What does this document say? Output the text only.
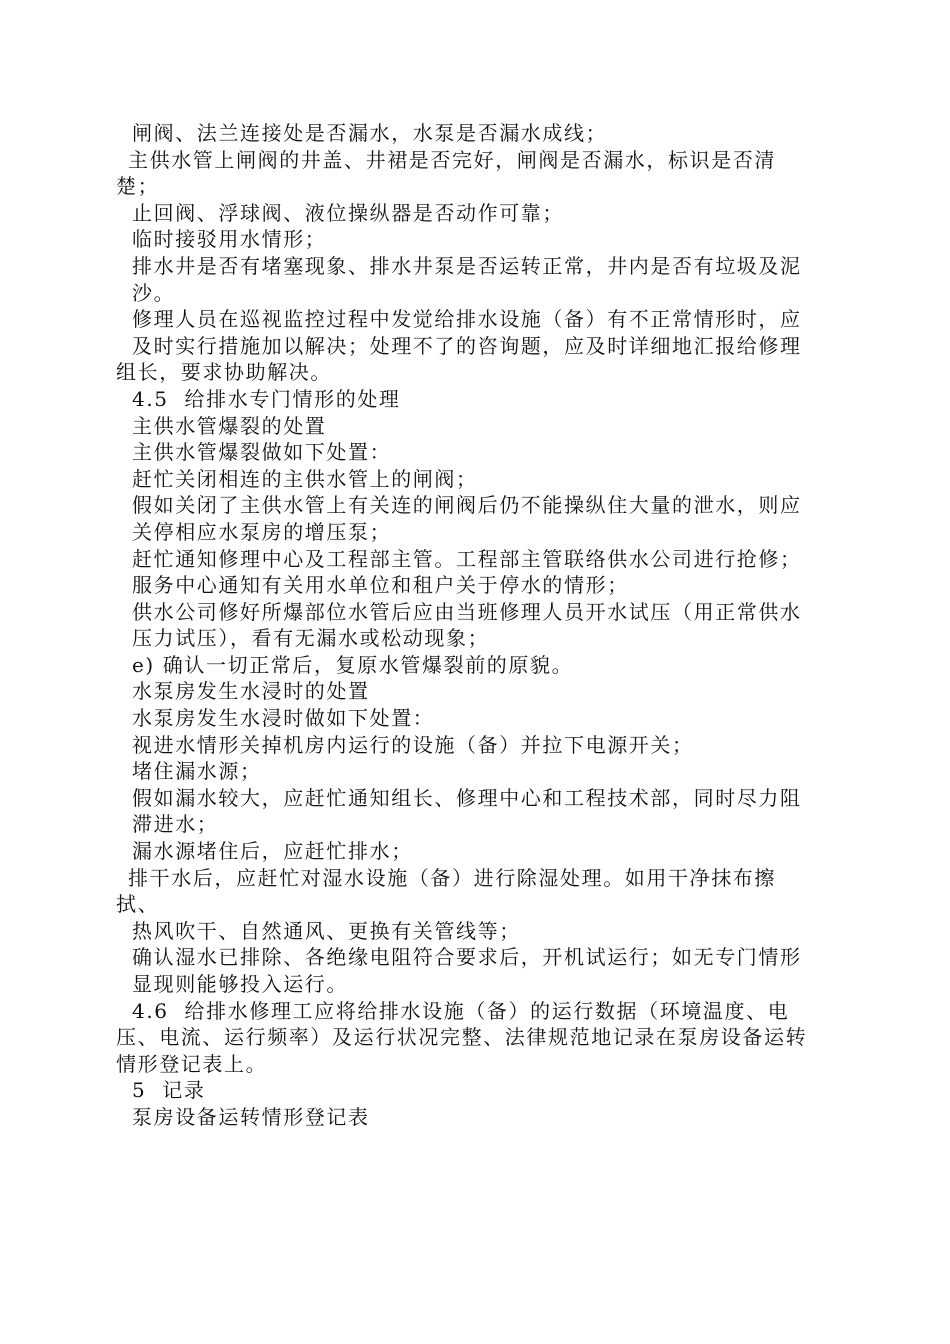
闸阀、法兰连接处是否漏水，水泵是否漏水成线；
主供水管上闸阀的井盖、井裙是否完好，闸阀是否漏水，标识是否清
楚；
止回阀、浮球阀、液位操纵器是否动作可靠；
临时接驳用水情形；
排水井是否有堵塞现象、排水井泵是否运转正常，井内是否有垃圾及泥
沙。
修理人员在巡视监控过程中发觉给排水设施（备）有不正常情形时，应
及时实行措施加以解决；处理不了的咨询题，应及时详细地汇报给修理
组长，要求协助解决。
4.5  给排水专门情形的处理
主供水管爆裂的处置
主供水管爆裂做如下处置：
赶忙关闭相连的主供水管上的闸阀；
假如关闭了主供水管上有关连的闸阀后仍不能操纵住大量的泄水，则应
关停相应水泵房的增压泵；
赶忙通知修理中心及工程部主管。工程部主管联络供水公司进行抢修；
服务中心通知有关用水单位和租户关于停水的情形；
供水公司修好所爆部位水管后应由当班修理人员开水试压（用正常供水
压力试压），看有无漏水或松动现象；
e) 确认一切正常后，复原水管爆裂前的原貌。
水泵房发生水浸时的处置
水泵房发生水浸时做如下处置：
视进水情形关掉机房内运行的设施（备）并拉下电源开关；
堵住漏水源；
假如漏水较大，应赶忙通知组长、修理中心和工程技术部，同时尽力阻
滞进水；
漏水源堵住后，应赶忙排水；
排干水后，应赶忙对湿水设施（备）进行除湿处理。如用干净抹布擦
拭、
热风吹干、自然通风、更换有关管线等；
确认湿水已排除、各绝缘电阻符合要求后，开机试运行；如无专门情形
显现则能够投入运行。
4.6  给排水修理工应将给排水设施（备）的运行数据（环境温度、电
压、电流、运行频率）及运行状况完整、法律规范地记录在泵房设备运转
情形登记表上。
5  记录
泵房设备运转情形登记表
